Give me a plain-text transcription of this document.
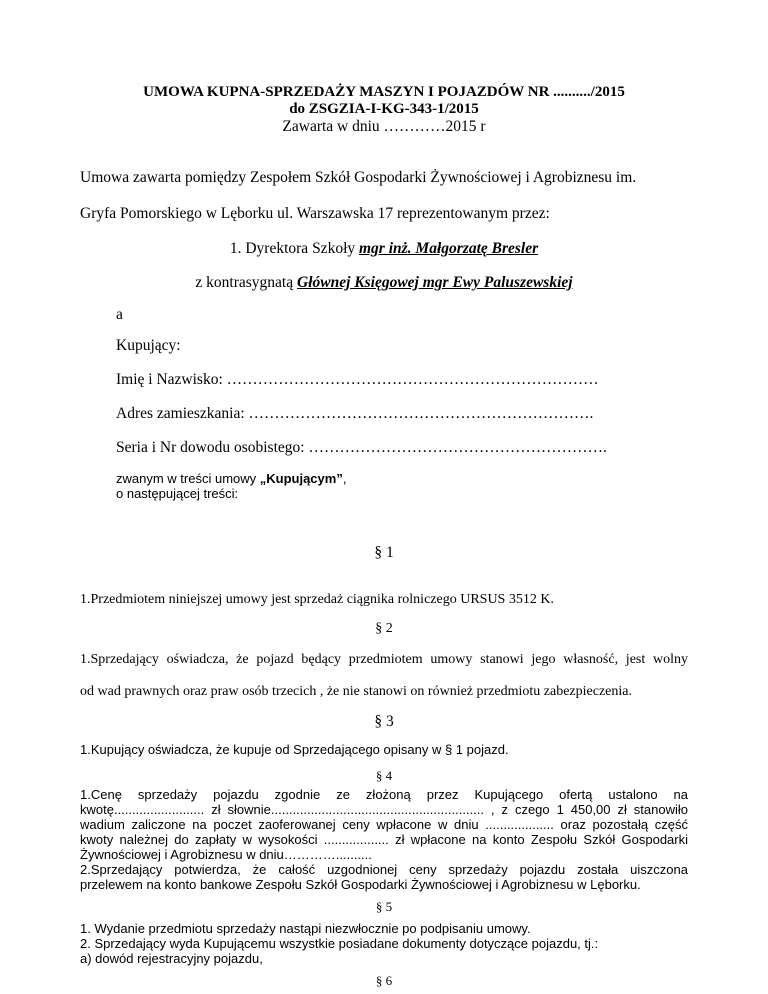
UMOWA KUPNA-SPRZEDAŻY MASZYN I POJAZDÓW NR ........../2015
do ZSGZIA-I-KG-343-1/2015
Zawarta w dniu …………2015 r
Umowa zawarta pomiędzy Zespołem Szkół Gospodarki Żywnościowej i Agrobiznesu im.
Gryfa Pomorskiego w Lęborku ul. Warszawska 17 reprezentowanym przez:
1. Dyrektora Szkoły mgr inż. Małgorzatę Bresler
z kontrasygnatą Głównej Księgowej mgr Ewy Paluszewskiej
a
Kupujący:
Imię i Nazwisko: ………………………………………………………………
Adres zamieszkania: ………………………………………………………….
Seria i Nr dowodu osobistego: ………………………………………………….
zwanym w treści umowy „Kupującym”,
o następującej treści:
§ 1
1.Przedmiotem niniejszej umowy jest sprzedaż ciągnika rolniczego URSUS 3512 K.
§ 2
1.Sprzedający oświadcza, że pojazd będący przedmiotem umowy stanowi jego własność, jest wolny
od wad prawnych oraz praw osób trzecich , że nie stanowi on również przedmiotu zabezpieczenia.
§ 3
1.Kupujący oświadcza, że kupuje od Sprzedającego opisany w § 1 pojazd.
§ 4
1.Cenę sprzedaży pojazdu zgodnie ze złożoną przez Kupującego ofertą ustalono na
kwotę......................... zł słownie........................................................... , z czego 1 450,00 zł stanowiło
wadium zaliczone na poczet zaoferowanej ceny wpłacone w dniu ................... oraz pozostałą część
kwoty należnej do zapłaty w wysokości .................. zł wpłacone na konto Zespołu Szkół Gospodarki
Żywnościowej i Agrobiznesu w dniu…………..........
2.Sprzedający potwierdza, że całość uzgodnionej ceny sprzedaży pojazdu została uiszczona
przelewem na konto bankowe Zespołu Szkół Gospodarki Żywnościowej i Agrobiznesu w Lęborku.
§ 5
1. Wydanie przedmiotu sprzedaży nastąpi niezwłocznie po podpisaniu umowy.
2. Sprzedający wyda Kupującemu wszystkie posiadane dokumenty dotyczące pojazdu, tj.:
a) dowód rejestracyjny pojazdu,
§ 6
